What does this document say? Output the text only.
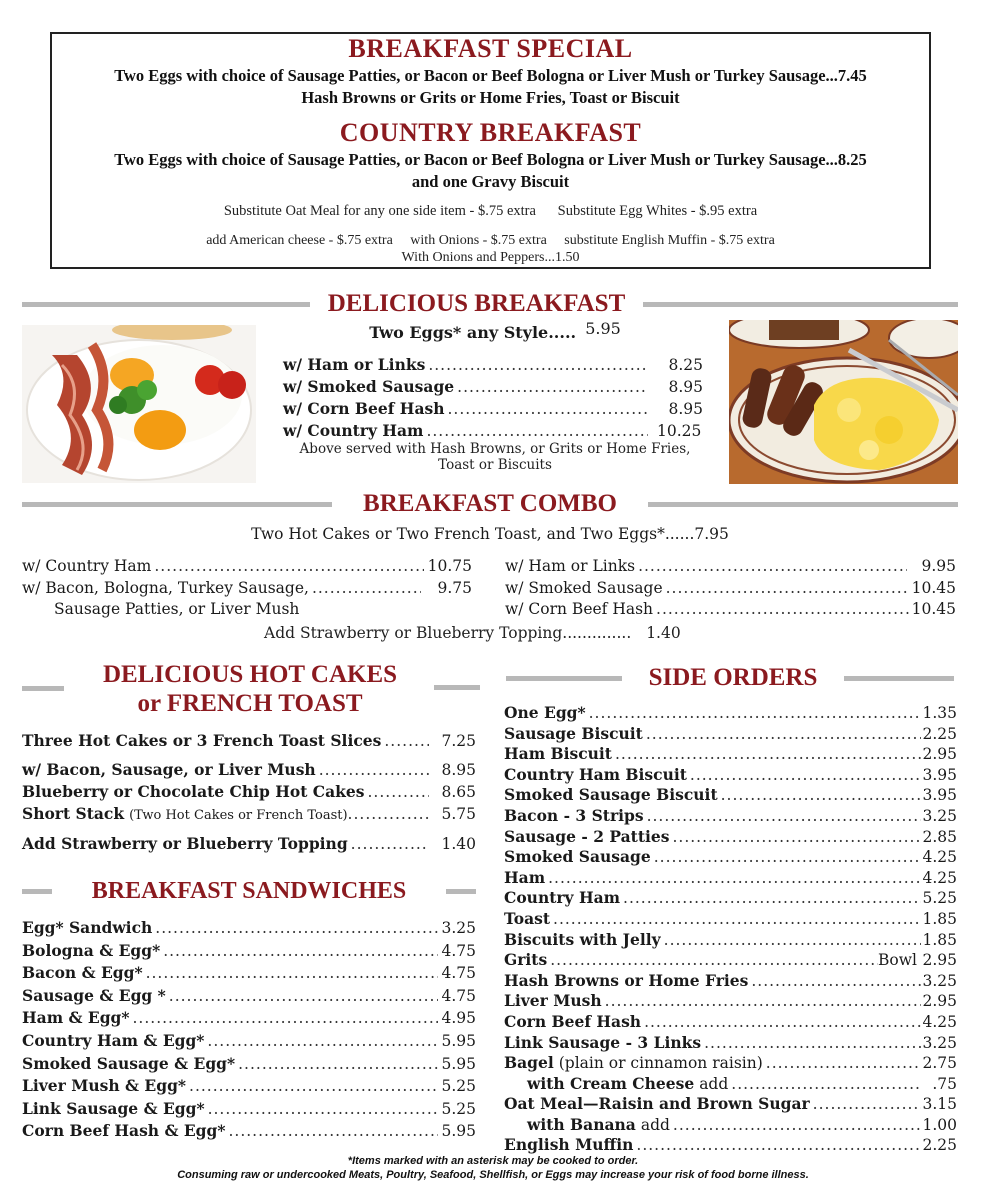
BREAKFAST SPECIAL
Two Eggs with choice of Sausage Patties, or Bacon or Beef Bologna or Liver Mush or Turkey Sausage...7.45
Hash Browns or Grits or Home Fries, Toast or Biscuit
COUNTRY BREAKFAST
Two Eggs with choice of Sausage Patties, or Bacon or Beef Bologna or Liver Mush or Turkey Sausage...8.25
and one Gravy Biscuit
Substitute Oat Meal for any one side item - $.75 extra      Substitute Egg Whites - $.95 extra
add American cheese - $.75 extra     with Onions - $.75 extra     substitute English Muffin - $.75 extra
With Onions and Peppers...1.50
DELICIOUS BREAKFAST
Two Eggs* any Style..... 5.95
w/ Ham or Links .....	8.25
w/ Smoked Sausage .....	8.95
w/ Corn Beef Hash .....	8.95
w/ Country Ham .....	10.25
Above served with Hash Browns, or Grits or Home Fries,
Toast or Biscuits
BREAKFAST COMBO
Two Hot Cakes or Two French Toast, and Two Eggs*......7.95
w/ Country Ham .....	10.75
w/ Bacon, Bologna, Turkey Sausage, .....	9.75
Sausage Patties, or Liver Mush
w/ Ham or Links .....	9.95
w/ Smoked Sausage .....	10.45
w/ Corn Beef Hash .....	10.45
Add Strawberry or Blueberry Topping.............. 1.40
DELICIOUS HOT CAKES
or FRENCH TOAST
Three Hot Cakes or 3 French Toast Slices .....	7.25
w/ Bacon, Sausage, or Liver Mush .....	8.95
Blueberry or Chocolate Chip Hot Cakes .....	8.65
Short Stack (Two Hot Cakes or French Toast) .....	5.75
Add Strawberry or Blueberry Topping .....	1.40
BREAKFAST SANDWICHES
Egg* Sandwich .....	3.25
Bologna & Egg* .....	4.75
Bacon & Egg* .....	4.75
Sausage & Egg * .....	4.75
Ham & Egg* .....	4.95
Country Ham & Egg* .....	5.95
Smoked Sausage & Egg* .....	5.95
Liver Mush & Egg* .....	5.25
Link Sausage & Egg* .....	5.25
Corn Beef Hash & Egg* .....	5.95
SIDE ORDERS
One Egg* .....	1.35
Sausage Biscuit .....	2.25
Ham Biscuit .....	2.95
Country Ham Biscuit .....	3.95
Smoked Sausage Biscuit .....	3.95
Bacon - 3 Strips .....	3.25
Sausage - 2 Patties .....	2.85
Smoked Sausage .....	4.25
Ham .....	4.25
Country Ham .....	5.25
Toast .....	1.85
Biscuits with Jelly .....	1.85
Grits .....	Bowl 2.95
Hash Browns or Home Fries .....	3.25
Liver Mush .....	2.95
Corn Beef Hash .....	4.25
Link Sausage - 3 Links .....	3.25
Bagel (plain or cinnamon raisin) .....	2.75
with Cream Cheese add .....	.75
Oat Meal—Raisin and Brown Sugar .....	3.15
with Banana add .....	1.00
English Muffin .....	2.25
*Items marked with an asterisk may be cooked to order.
Consuming raw or undercooked Meats, Poultry, Seafood, Shellfish, or Eggs may increase your risk of food borne illness.
